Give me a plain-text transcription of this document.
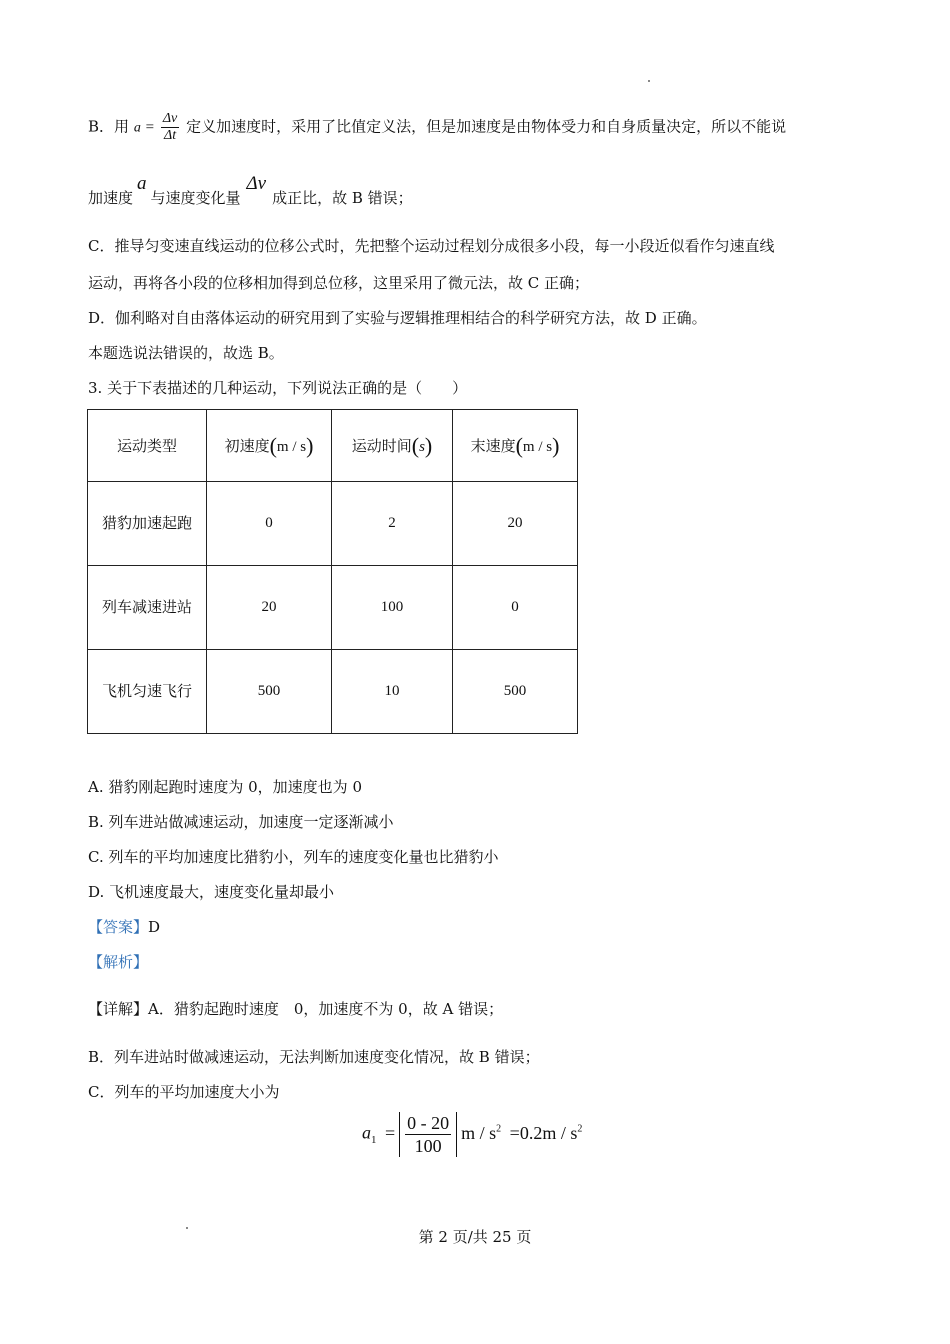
B．用 $a = \frac{\Delta v}{\Delta t}$ 定义加速度时，采用了比值定义法，但是加速度是由物体受力和自身质量决定，所以不能说
加速度a与速度变化量Δv成正比，故 B 错误；
C．推导匀变速直线运动的位移公式时，先把整个运动过程划分成很多小段，每一小段近似看作匀速直线
运动，再将各小段的位移相加得到总位移，这里采用了微元法，故 C 正确；
D．伽利略对自由落体运动的研究用到了实验与逻辑推理相结合的科学研究方法，故 D 正确。
本题选说法错误的，故选 B。
3. 关于下表描述的几种运动，下列说法正确的是（　　）
运动类型	初速度(m / s)	运动时间(s)	末速度(m / s)
猎豹加速起跑	0	2	20
列车减速进站	20	100	0
飞机匀速飞行	500	10	500
A. 猎豹刚起跑时速度为 0，加速度也为 0
B. 列车进站做减速运动，加速度一定逐渐减小
C. 列车的平均加速度比猎豹小，列车的速度变化量也比猎豹小
D. 飞机速度最大，速度变化量却最小
【答案】D
【解析】
【详解】A．猎豹起跑时速度　0，加速度不为 0，故 A 错误；
B．列车进站时做减速运动，无法判断加速度变化情况，故 B 错误；
C．列车的平均加速度大小为
$a_1 = \frac{0 - 20}{100}$ $m / s^2 =0.2m / s^2$
第 2 页/共 25 页
